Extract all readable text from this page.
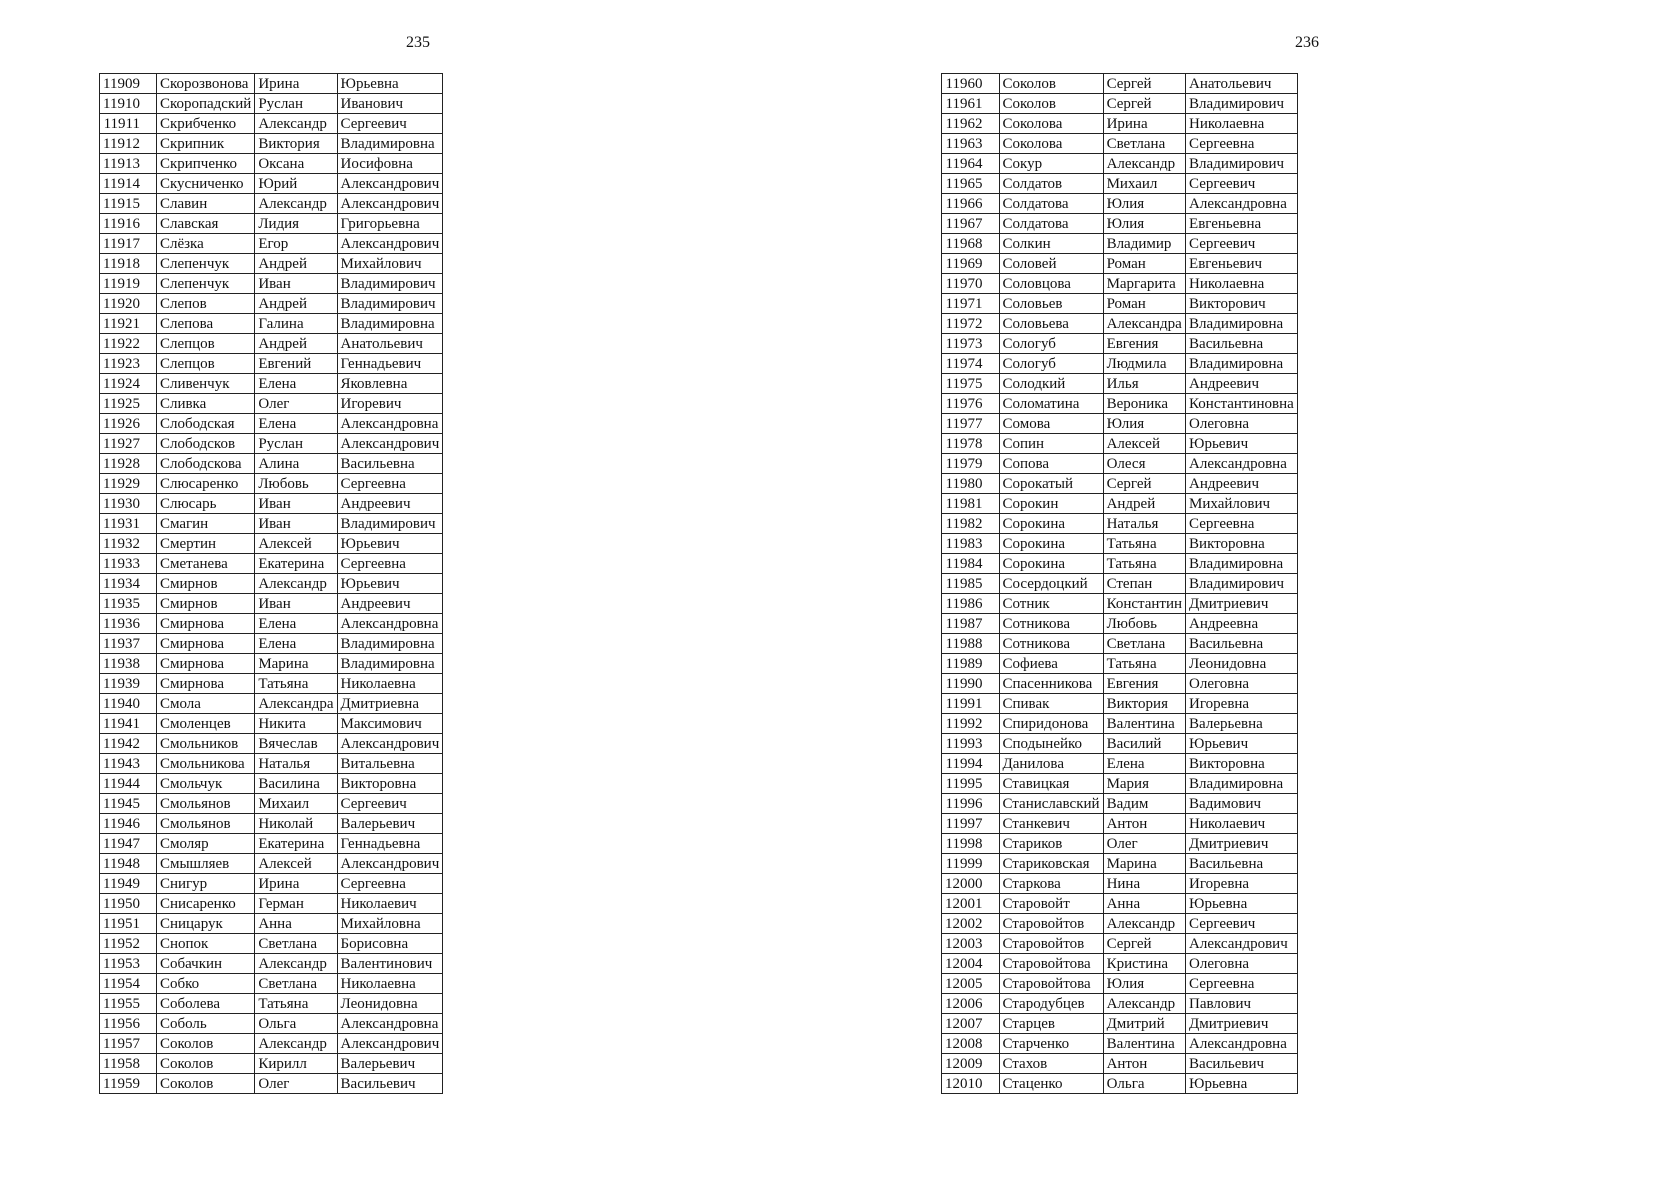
235
11909	Скорозвонова	Ирина	Юрьевна
11910	Скоропадский	Руслан	Иванович
11911	Скрибченко	Александр	Сергеевич
11912	Скрипник	Виктория	Владимировна
11913	Скрипченко	Оксана	Иосифовна
11914	Скусниченко	Юрий	Александрович
11915	Славин	Александр	Александрович
11916	Славская	Лидия	Григорьевна
11917	Слёзка	Егор	Александрович
11918	Слепенчук	Андрей	Михайлович
11919	Слепенчук	Иван	Владимирович
11920	Слепов	Андрей	Владимирович
11921	Слепова	Галина	Владимировна
11922	Слепцов	Андрей	Анатольевич
11923	Слепцов	Евгений	Геннадьевич
11924	Сливенчук	Елена	Яковлевна
11925	Сливка	Олег	Игоревич
11926	Слободская	Елена	Александровна
11927	Слободсков	Руслан	Александрович
11928	Слободскова	Алина	Васильевна
11929	Слюсаренко	Любовь	Сергеевна
11930	Слюсарь	Иван	Андреевич
11931	Смагин	Иван	Владимирович
11932	Смертин	Алексей	Юрьевич
11933	Сметанева	Екатерина	Сергеевна
11934	Смирнов	Александр	Юрьевич
11935	Смирнов	Иван	Андреевич
11936	Смирнова	Елена	Александровна
11937	Смирнова	Елена	Владимировна
11938	Смирнова	Марина	Владимировна
11939	Смирнова	Татьяна	Николаевна
11940	Смола	Александра	Дмитриевна
11941	Смоленцев	Никита	Максимович
11942	Смольников	Вячеслав	Александрович
11943	Смольникова	Наталья	Витальевна
11944	Смольчук	Василина	Викторовна
11945	Смольянов	Михаил	Сергеевич
11946	Смольянов	Николай	Валерьевич
11947	Смоляр	Екатерина	Геннадьевна
11948	Смышляев	Алексей	Александрович
11949	Снигур	Ирина	Сергеевна
11950	Снисаренко	Герман	Николаевич
11951	Сницарук	Анна	Михайловна
11952	Снопок	Светлана	Борисовна
11953	Собачкин	Александр	Валентинович
11954	Собко	Светлана	Николаевна
11955	Соболева	Татьяна	Леонидовна
11956	Соболь	Ольга	Александровна
11957	Соколов	Александр	Александрович
11958	Соколов	Кирилл	Валерьевич
11959	Соколов	Олег	Васильевич
236
11960	Соколов	Сергей	Анатольевич
11961	Соколов	Сергей	Владимирович
11962	Соколова	Ирина	Николаевна
11963	Соколова	Светлана	Сергеевна
11964	Сокур	Александр	Владимирович
11965	Солдатов	Михаил	Сергеевич
11966	Солдатова	Юлия	Александровна
11967	Солдатова	Юлия	Евгеньевна
11968	Солкин	Владимир	Сергеевич
11969	Соловей	Роман	Евгеньевич
11970	Соловцова	Маргарита	Николаевна
11971	Соловьев	Роман	Викторович
11972	Соловьева	Александра	Владимировна
11973	Сологуб	Евгения	Васильевна
11974	Сологуб	Людмила	Владимировна
11975	Солодкий	Илья	Андреевич
11976	Соломатина	Вероника	Константиновна
11977	Сомова	Юлия	Олеговна
11978	Сопин	Алексей	Юрьевич
11979	Сопова	Олеся	Александровна
11980	Сорокатый	Сергей	Андреевич
11981	Сорокин	Андрей	Михайлович
11982	Сорокина	Наталья	Сергеевна
11983	Сорокина	Татьяна	Викторовна
11984	Сорокина	Татьяна	Владимировна
11985	Сосердоцкий	Степан	Владимирович
11986	Сотник	Константин	Дмитриевич
11987	Сотникова	Любовь	Андреевна
11988	Сотникова	Светлана	Васильевна
11989	Софиева	Татьяна	Леонидовна
11990	Спасенникова	Евгения	Олеговна
11991	Спивак	Виктория	Игоревна
11992	Спиридонова	Валентина	Валерьевна
11993	Сподынейко	Василий	Юрьевич
11994	Данилова	Елена	Викторовна
11995	Ставицкая	Мария	Владимировна
11996	Станиславский	Вадим	Вадимович
11997	Станкевич	Антон	Николаевич
11998	Стариков	Олег	Дмитриевич
11999	Стариковская	Марина	Васильевна
12000	Старкова	Нина	Игоревна
12001	Старовойт	Анна	Юрьевна
12002	Старовойтов	Александр	Сергеевич
12003	Старовойтов	Сергей	Александрович
12004	Старовойтова	Кристина	Олеговна
12005	Старовойтова	Юлия	Сергеевна
12006	Стародубцев	Александр	Павлович
12007	Старцев	Дмитрий	Дмитриевич
12008	Старченко	Валентина	Александровна
12009	Стахов	Антон	Васильевич
12010	Стаценко	Ольга	Юрьевна
